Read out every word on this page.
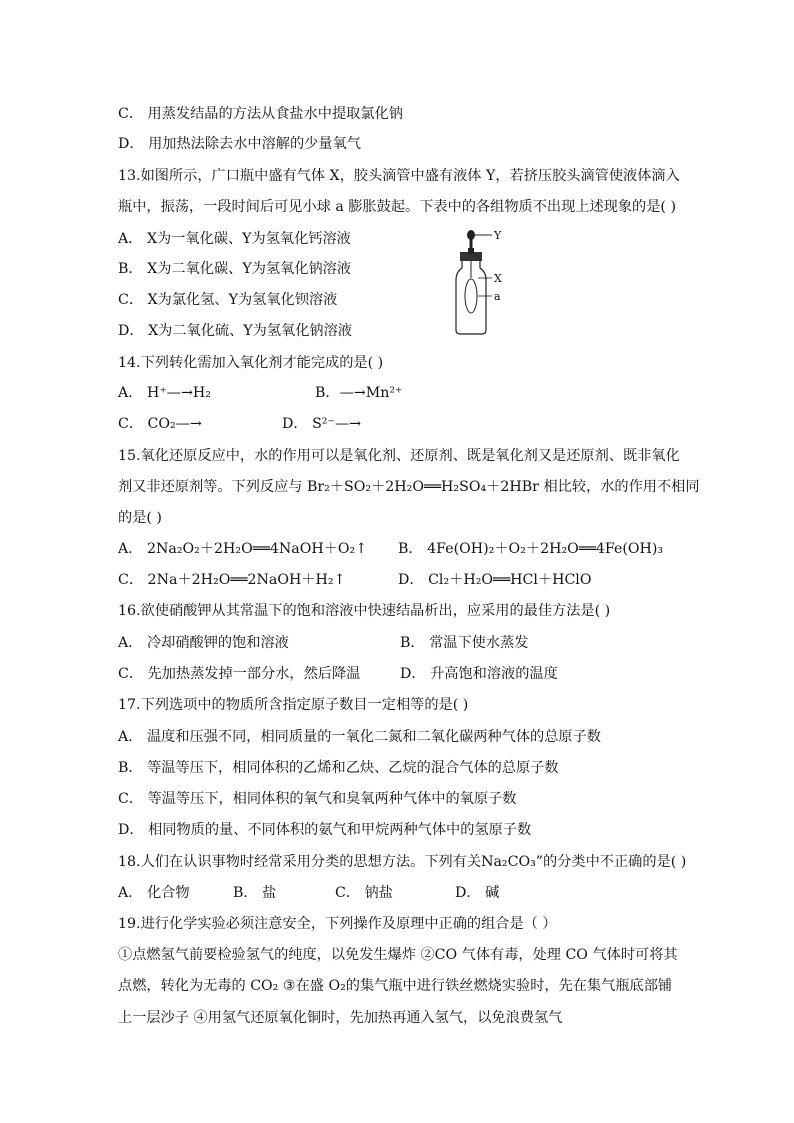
C． 用蒸发结晶的方法从食盐水中提取氯化钠
D． 用加热法除去水中溶解的少量氧气
13.如图所示，广口瓶中盛有气体 X，胶头滴管中盛有液体 Y，若挤压胶头滴管使液体滴入
瓶中，振荡，一段时间后可见小球 a 膨胀鼓起。下表中的各组物质不出现上述现象的是( )
A． X为一氧化碳、Y为氢氧化钙溶液
B． X为二氧化碳、Y为氢氧化钠溶液
C． X为氯化氢、Y为氢氧化钡溶液
D． X为二氧化硫、Y为氢氧化钠溶液
Y
X
a
14.下列转化需加入氧化剂才能完成的是( )
A． H⁺—→H₂	B．—→Mn²⁺
C． CO₂—→	D． S²⁻—→
15.氧化还原反应中，水的作用可以是氧化剂、还原剂、既是氧化剂又是还原剂、既非氧化
剂又非还原剂等。下列反应与 Br₂＋SO₂＋2H₂O══H₂SO₄＋2HBr 相比较，水的作用不相同
的是( )
A． 2Na₂O₂＋2H₂O══4NaOH＋O₂↑ B． 4Fe(OH)₂＋O₂＋2H₂O══4Fe(OH)₃
C． 2Na＋2H₂O══2NaOH＋H₂↑	D． Cl₂＋H₂O══HCl＋HClO
16.欲使硝酸钾从其常温下的饱和溶液中快速结晶析出，应采用的最佳方法是( )
A． 冷却硝酸钾的饱和溶液	B． 常温下使水蒸发
C． 先加热蒸发掉一部分水，然后降温	D． 升高饱和溶液的温度
17.下列选项中的物质所含指定原子数目一定相等的是( )
A． 温度和压强不同，相同质量的一氧化二氮和二氧化碳两种气体的总原子数
B． 等温等压下，相同体积的乙烯和乙炔、乙烷的混合气体的总原子数
C． 等温等压下，相同体积的氧气和臭氧两种气体中的氧原子数
D． 相同物质的量、不同体积的氨气和甲烷两种气体中的氢原子数
18.人们在认识事物时经常采用分类的思想方法。下列有关Na₂CO₃”的分类中不正确的是( )
A． 化合物	B． 盐	C． 钠盐	D． 碱
19.进行化学实验必须注意安全，下列操作及原理中正确的组合是（ ）
①点燃氢气前要检验氢气的纯度，以免发生爆炸 ②CO 气体有毒，处理 CO 气体时可将其
点燃，转化为无毒的 CO₂ ③在盛 O₂的集气瓶中进行铁丝燃烧实验时，先在集气瓶底部铺
上一层沙子 ④用氢气还原氧化铜时，先加热再通入氢气，以免浪费氢气
